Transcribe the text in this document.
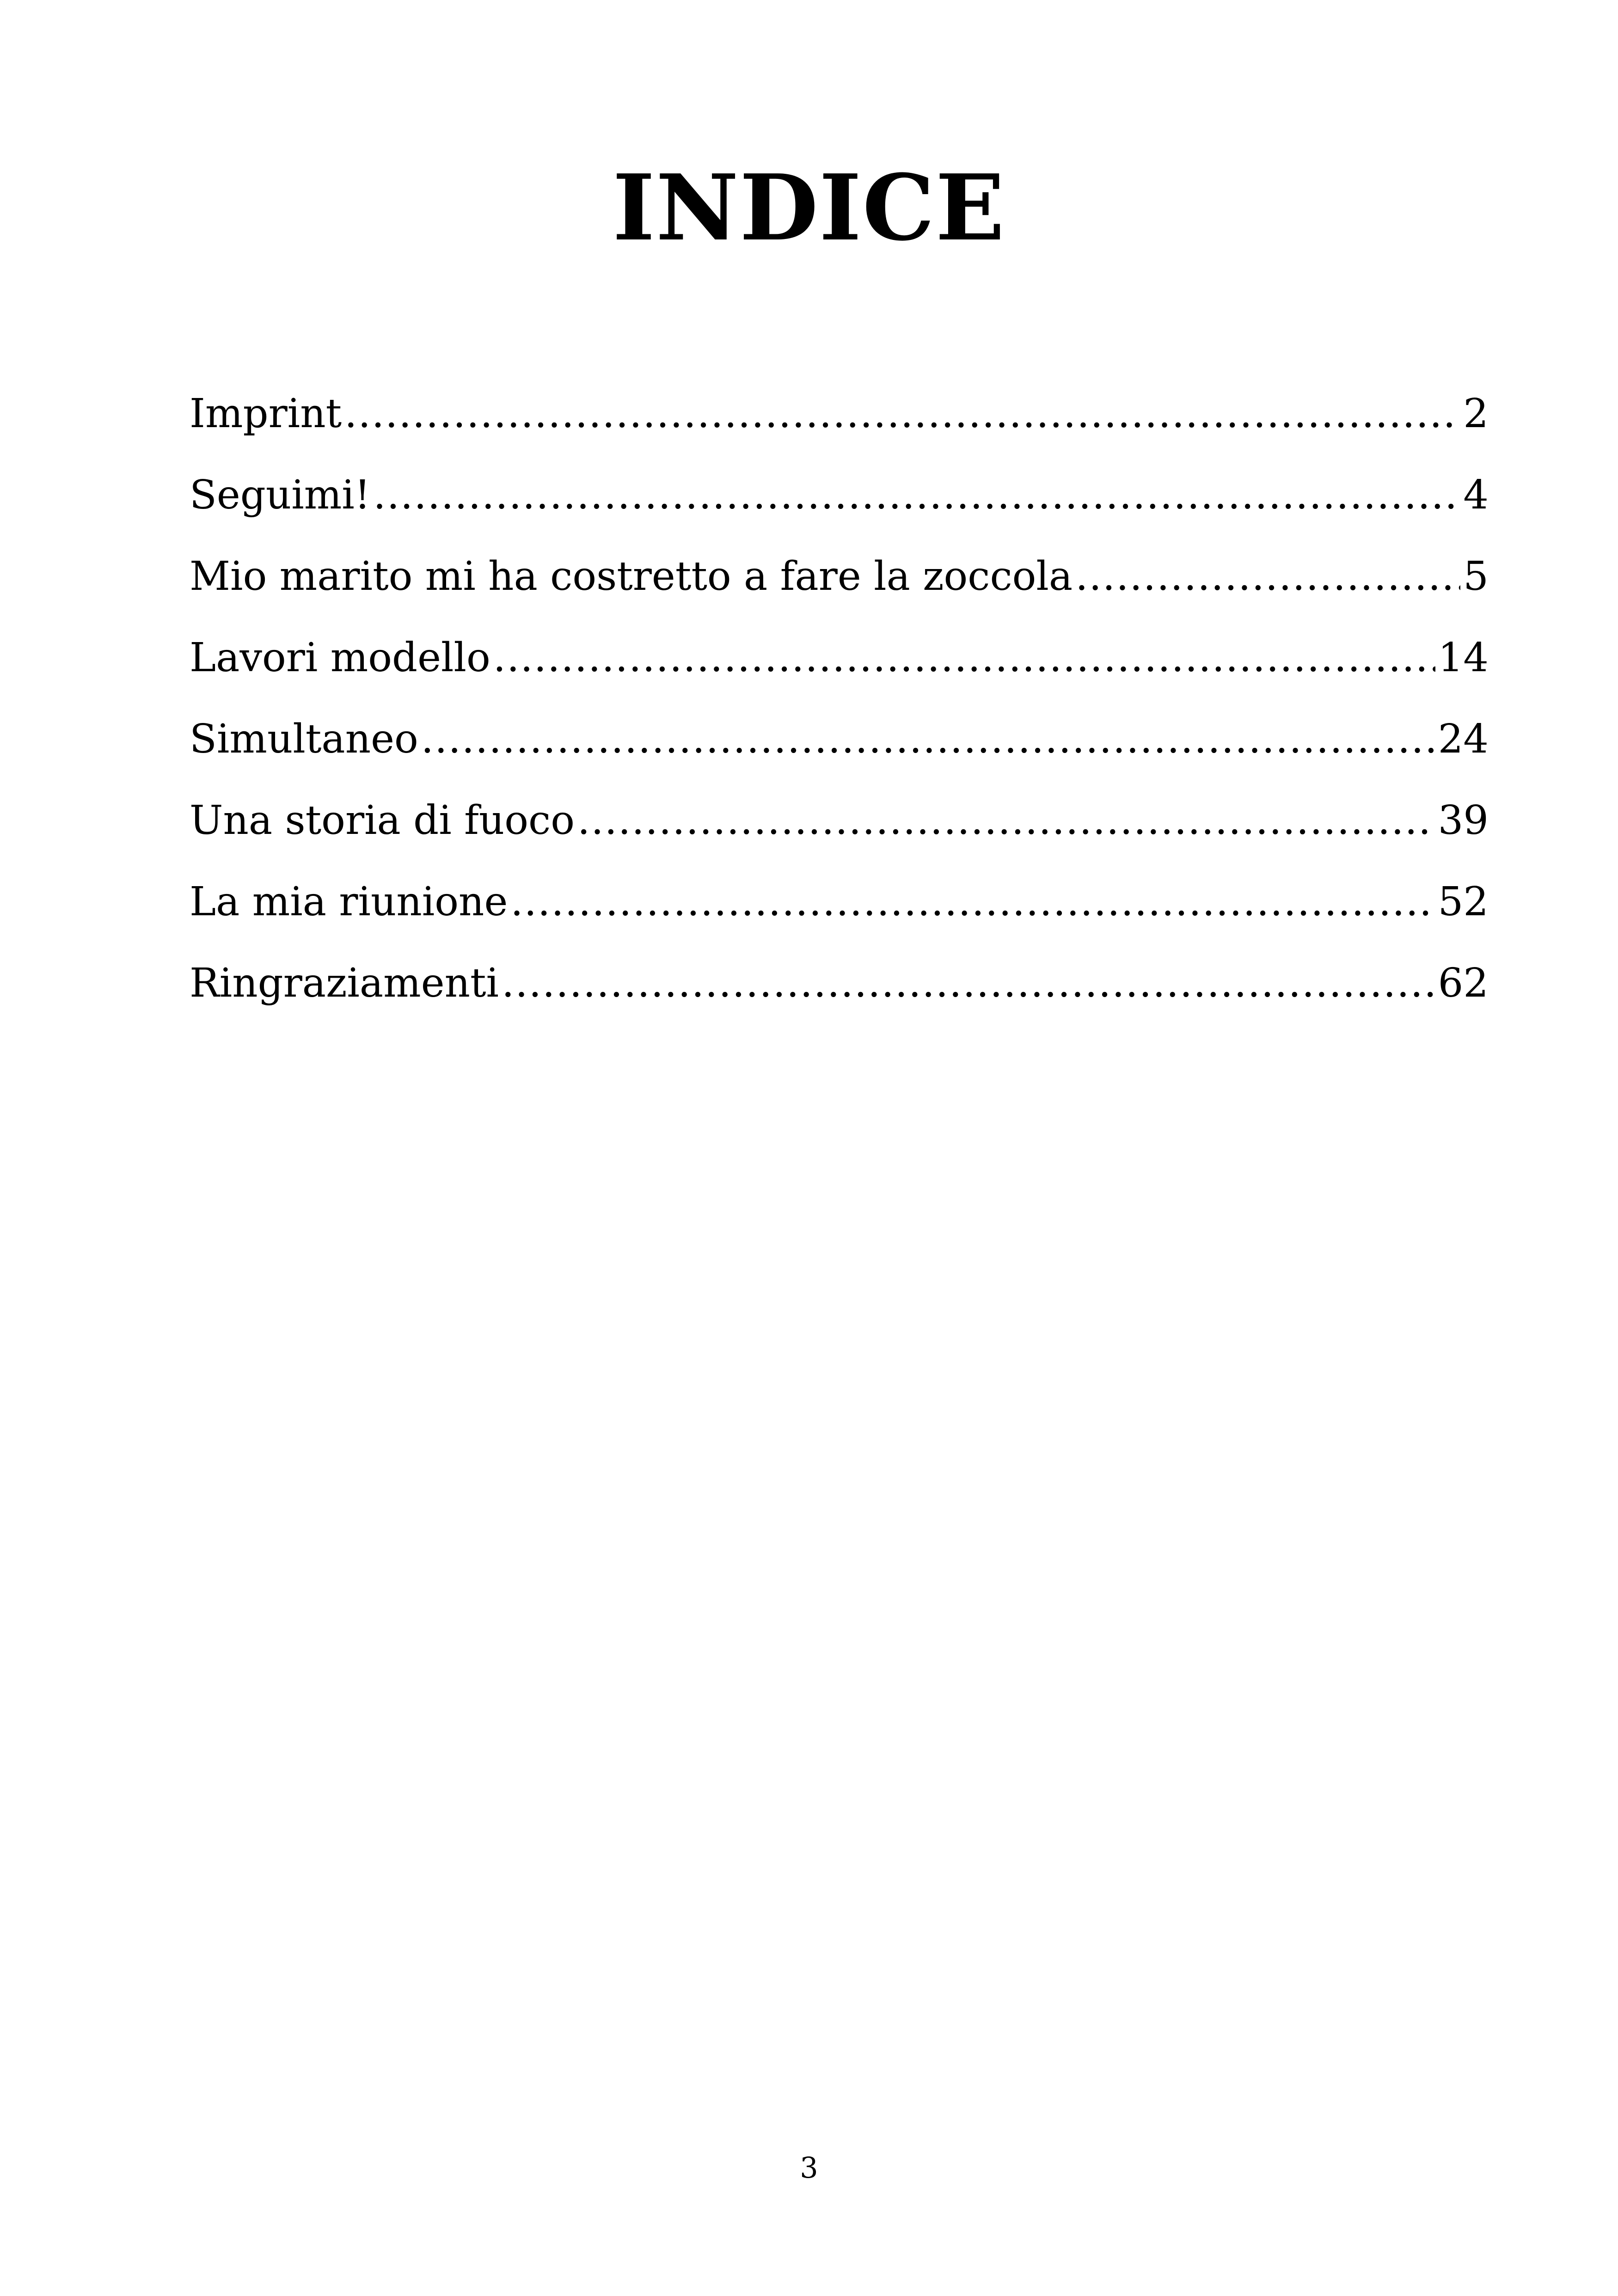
INDICE
Imprint .....	2
Seguimi! .....	4
Mio marito mi ha costretto a fare la zoccola .....	5
Lavori modello .....	14
Simultaneo .....	24
Una storia di fuoco .....	39
La mia riunione .....	52
Ringraziamenti .....	62
3
